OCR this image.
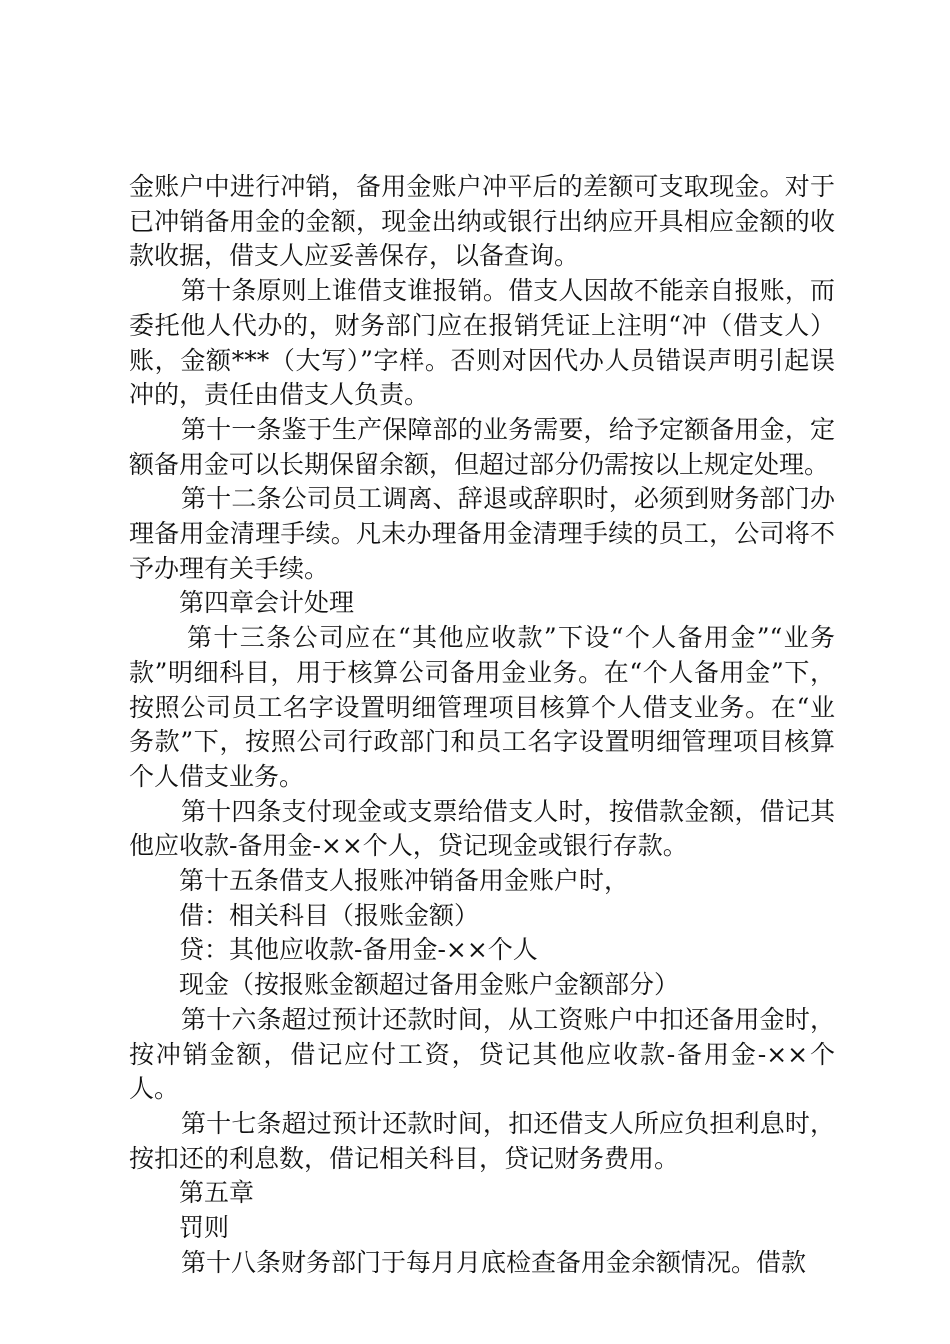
金账户中进行冲销，备用金账户冲平后的差额可支取现金。对于已冲销备用金的金额，现金出纳或银行出纳应开具相应金额的收款收据，借支人应妥善保存，以备查询。

第十条原则上谁借支谁报销。借支人因故不能亲自报账，而委托他人代办的，财务部门应在报销凭证上注明“冲（借支人）账，金额***（大写）”字样。否则对因代办人员错误声明引起误冲的，责任由借支人负责。

第十一条鉴于生产保障部的业务需要，给予定额备用金，定额备用金可以长期保留余额，但超过部分仍需按以上规定处理。

第十二条公司员工调离、辞退或辞职时，必须到财务部门办理备用金清理手续。凡未办理备用金清理手续的员工，公司将不予办理有关手续。

第四章会计处理

第十三条公司应在“其他应收款”下设“个人备用金”“业务款”明细科目，用于核算公司备用金业务。在“个人备用金”下，按照公司员工名字设置明细管理项目核算个人借支业务。在“业务款”下，按照公司行政部门和员工名字设置明细管理项目核算个人借支业务。

第十四条支付现金或支票给借支人时，按借款金额，借记其他应收款-备用金-××个人，贷记现金或银行存款。

第十五条借支人报账冲销备用金账户时，

借：相关科目（报账金额）

贷：其他应收款-备用金-××个人

现金（按报账金额超过备用金账户金额部分）

第十六条超过预计还款时间，从工资账户中扣还备用金时，按冲销金额，借记应付工资，贷记其他应收款-备用金-××个人。

第十七条超过预计还款时间，扣还借支人所应负担利息时，按扣还的利息数，借记相关科目，贷记财务费用。

第五章

罚则

第十八条财务部门于每月月底检查备用金余额情况。借款
